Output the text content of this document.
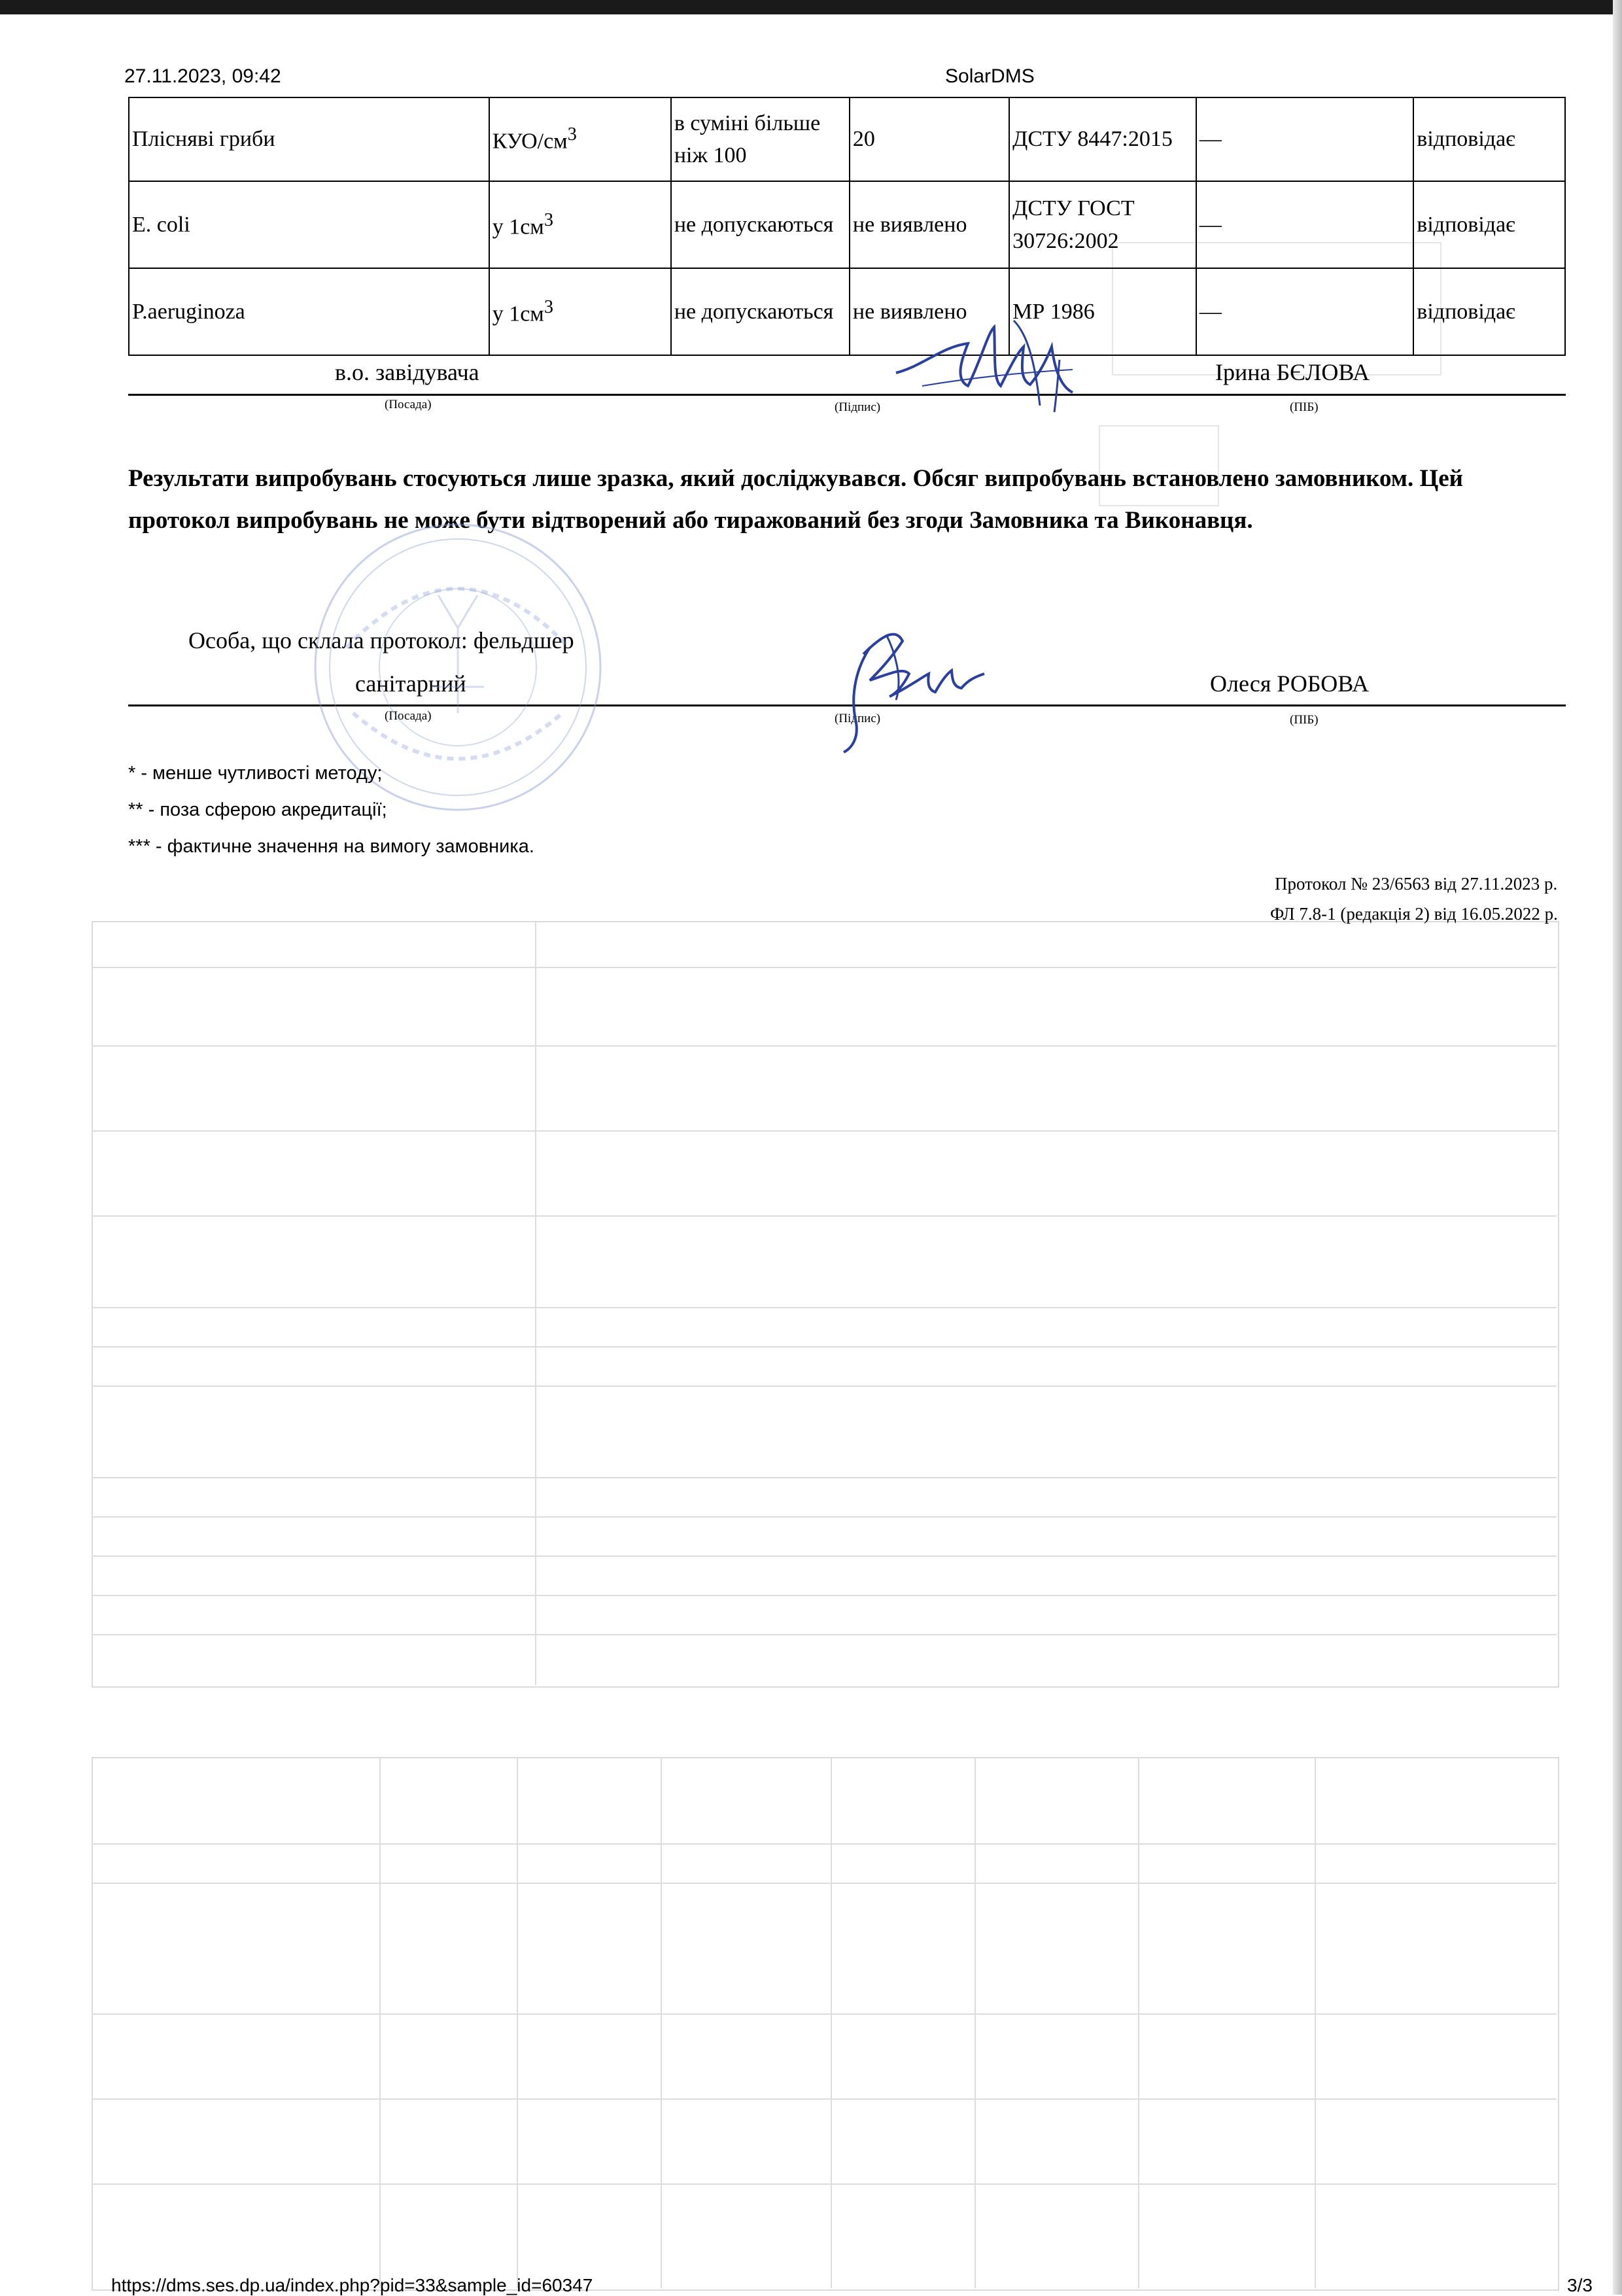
27.11.2023, 09:42	SolarDMS
Плісняві гриби	КУО/$см^3$	в суміні більше ніж 100	20	ДСТУ 8447:2015	—	відповідає
E. coli	у $1см^3$	не допускаються	не виявлено	ДСТУ ГОСТ 30726:2002	—	відповідає
P.aeruginoza	у $1см^3$	не допускаються	не виявлено	МР 1986	—	відповідає
в.о. завідувача	Ірина БЄЛОВА
(Посада)	(Підпис)	(ПІБ)
Результати випробувань стосуються лише зразка, який досліджувався. Обсяг випробувань встановлено замовником. Цей протокол випробувань не може бути відтворений або тиражований без згоди Замовника та Виконавця.
Особа, що склала протокол: фельдшер
санітарний	Олеся РОБОВА
(Посада)	(Підпис)	(ПІБ)
* - менше чутливості методу;
** - поза сферою акредитації;
*** - фактичне значення на вимогу замовника.
Протокол № 23/6563 від 27.11.2023 р.
ФЛ 7.8-1 (редакція 2) від 16.05.2022 р.
https://dms.ses.dp.ua/index.php?pid=33&sample_id=60347	3/3
